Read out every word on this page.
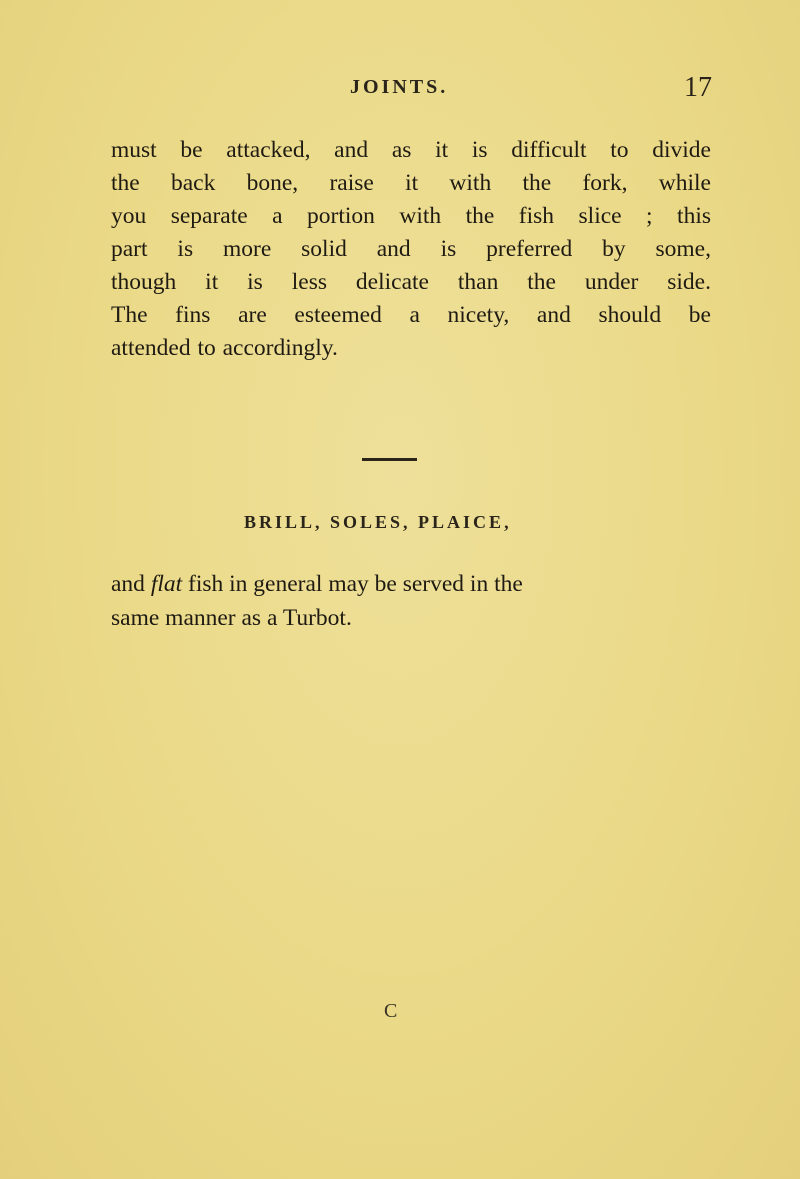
JOINTS.	17
must be attacked, and as it is difficult to divide
the back bone, raise it with the fork, while
you separate a portion with the fish slice ; this
part is more solid and is preferred by some,
though it is less delicate than the under side.
The fins are esteemed a nicety, and should be
attended to accordingly.
BRILL, SOLES, PLAICE,
and flat fish in general may be served in the
same manner as a Turbot.
C
